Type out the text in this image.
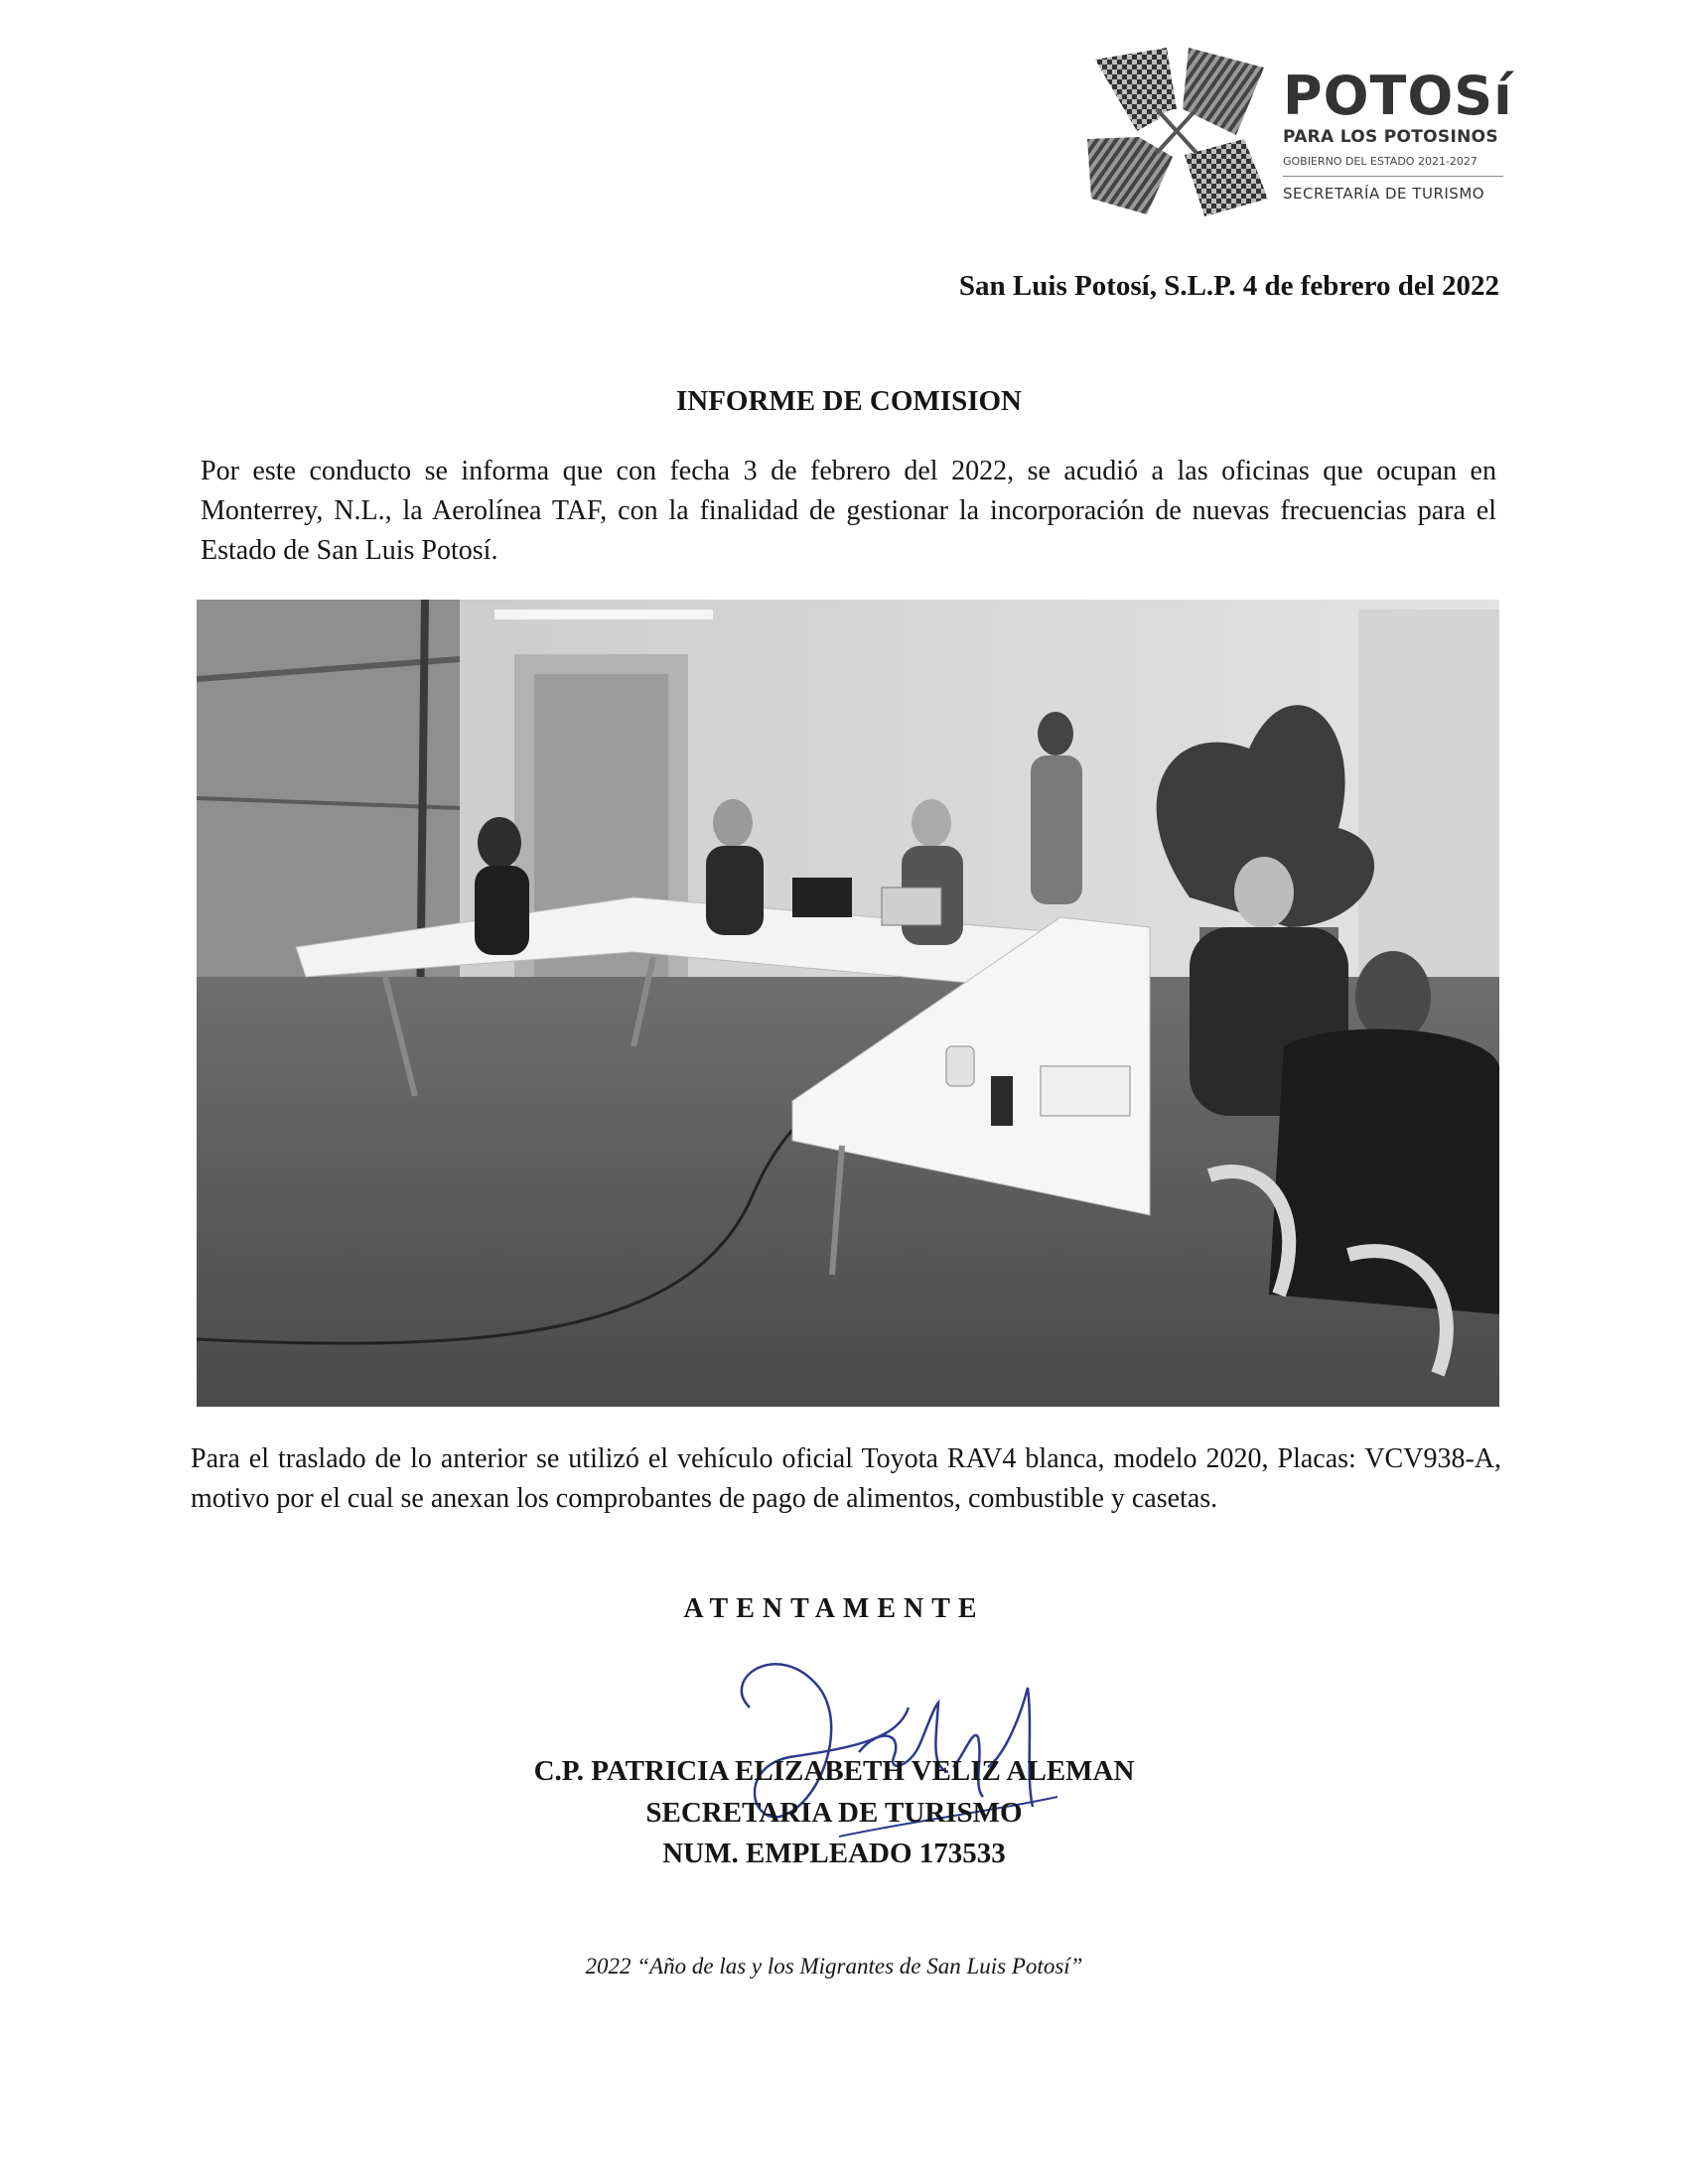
POTOSí
PARA LOS POTOSINOS
GOBIERNO DEL ESTADO 2021-2027
SECRETARÍA DE TURISMO
San Luis Potosí, S.L.P. 4 de febrero del 2022
INFORME DE COMISION
Por este conducto se informa que con fecha 3 de febrero del 2022, se acudió a las oficinas que ocupan en Monterrey, N.L., la Aerolínea TAF, con la finalidad de gestionar la incorporación de nuevas frecuencias para el Estado de San Luis Potosí.
Para el traslado de lo anterior se utilizó el vehículo oficial Toyota RAV4 blanca, modelo 2020, Placas: VCV938-A, motivo por el cual se anexan los comprobantes de pago de alimentos, combustible y casetas.
ATENTAMENTE
C.P. PATRICIA ELIZABETH VELIZ ALEMAN
SECRETARIA DE TURISMO
NUM. EMPLEADO 173533
2022 “Año de las y los Migrantes de San Luis Potosí”
